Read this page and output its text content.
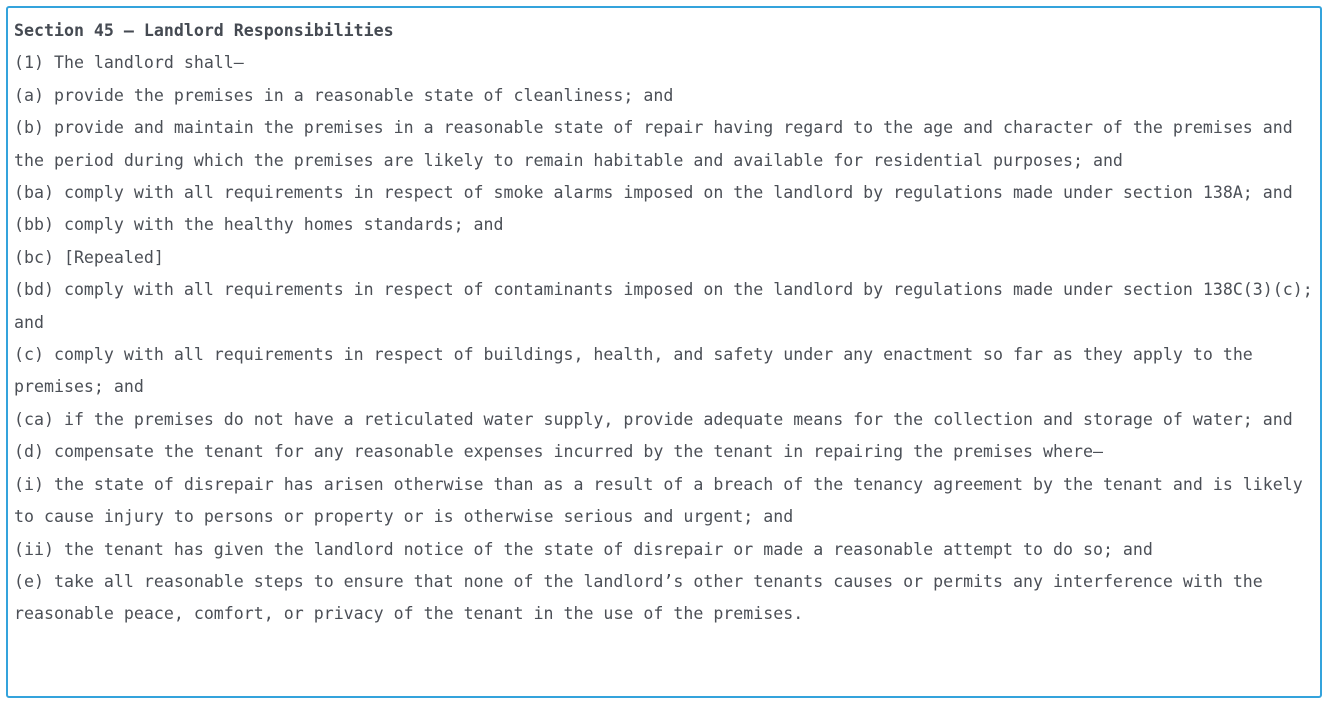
Section 45 – Landlord Responsibilities
(1) The landlord shall—
(a) provide the premises in a reasonable state of cleanliness; and
(b) provide and maintain the premises in a reasonable state of repair having regard to the age and character of the premises and the period during which the premises are likely to remain habitable and available for residential purposes; and
(ba) comply with all requirements in respect of smoke alarms imposed on the landlord by regulations made under section 138A; and
(bb) comply with the healthy homes standards; and
(bc) [Repealed]
(bd) comply with all requirements in respect of contaminants imposed on the landlord by regulations made under section 138C(3)(c); and
(c) comply with all requirements in respect of buildings, health, and safety under any enactment so far as they apply to the premises; and
(ca) if the premises do not have a reticulated water supply, provide adequate means for the collection and storage of water; and
(d) compensate the tenant for any reasonable expenses incurred by the tenant in repairing the premises where—
(i) the state of disrepair has arisen otherwise than as a result of a breach of the tenancy agreement by the tenant and is likely to cause injury to persons or property or is otherwise serious and urgent; and
(ii) the tenant has given the landlord notice of the state of disrepair or made a reasonable attempt to do so; and
(e) take all reasonable steps to ensure that none of the landlord’s other tenants causes or permits any interference with the reasonable peace, comfort, or privacy of the tenant in the use of the premises.
